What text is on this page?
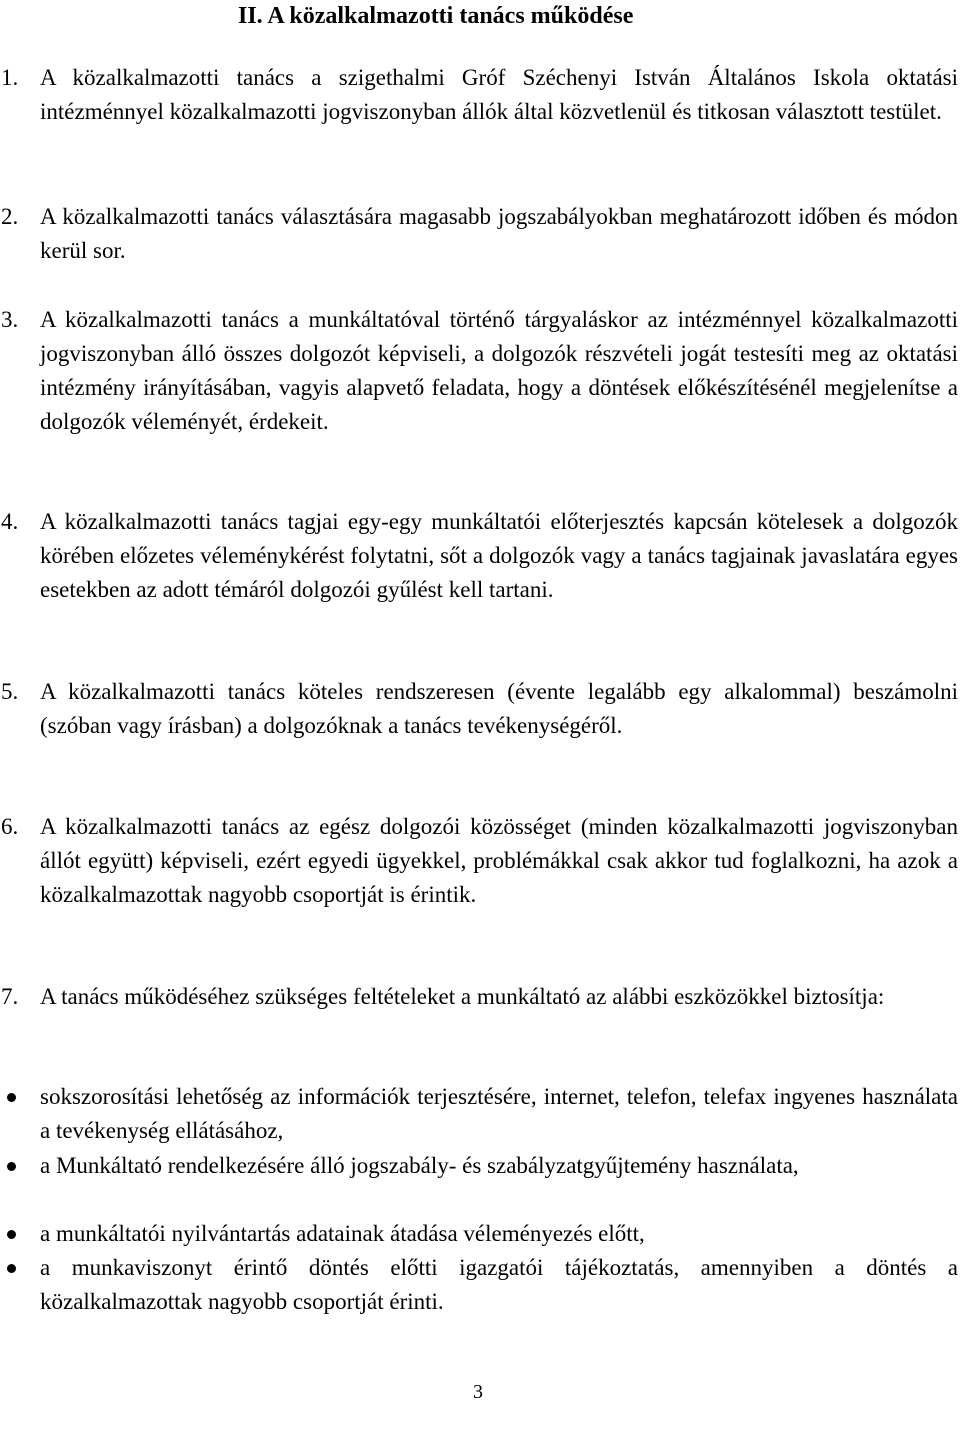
II. A közalkalmazotti tanács működése
1. A közalkalmazotti tanács a szigethalmi Gróf Széchenyi István Általános Iskola oktatási intézménnyel közalkalmazotti jogviszonyban állók által közvetlenül és titkosan választott testület.
2. A közalkalmazotti tanács választására magasabb jogszabályokban meghatározott időben és módon kerül sor.
3. A közalkalmazotti tanács a munkáltatóval történő tárgyaláskor az intézménnyel közalkalmazotti jogviszonyban álló összes dolgozót képviseli, a dolgozók részvételi jogát testesíti meg az oktatási intézmény irányításában, vagyis alapvető feladata, hogy a döntések előkészítésénél megjelenítse a dolgozók véleményét, érdekeit.
4. A közalkalmazotti tanács tagjai egy-egy munkáltatói előterjesztés kapcsán kötelesek a dolgozók körében előzetes véleménykérést folytatni, sőt a dolgozók vagy a tanács tagjainak javaslatára egyes esetekben az adott témáról dolgozói gyűlést kell tartani.
5. A közalkalmazotti tanács köteles rendszeresen (évente legalább egy alkalommal) beszámolni (szóban vagy írásban) a dolgozóknak a tanács tevékenységéről.
6. A közalkalmazotti tanács az egész dolgozói közösséget (minden közalkalmazotti jogviszonyban állót együtt) képviseli, ezért egyedi ügyekkel, problémákkal csak akkor tud foglalkozni, ha azok a közalkalmazottak nagyobb csoportját is érintik.
7. A tanács működéséhez szükséges feltételeket a munkáltató az alábbi eszközökkel biztosítja:
sokszorosítási lehetőség az információk terjesztésére, internet, telefon, telefax ingyenes használata a tevékenység ellátásához,
a Munkáltató rendelkezésére álló jogszabály- és szabályzatgyűjtemény használata,
a munkáltatói nyilvántartás adatainak átadása véleményezés előtt,
a munkaviszonyt érintő döntés előtti igazgatói tájékoztatás, amennyiben a döntés a közalkalmazottak nagyobb csoportját érinti.
3
